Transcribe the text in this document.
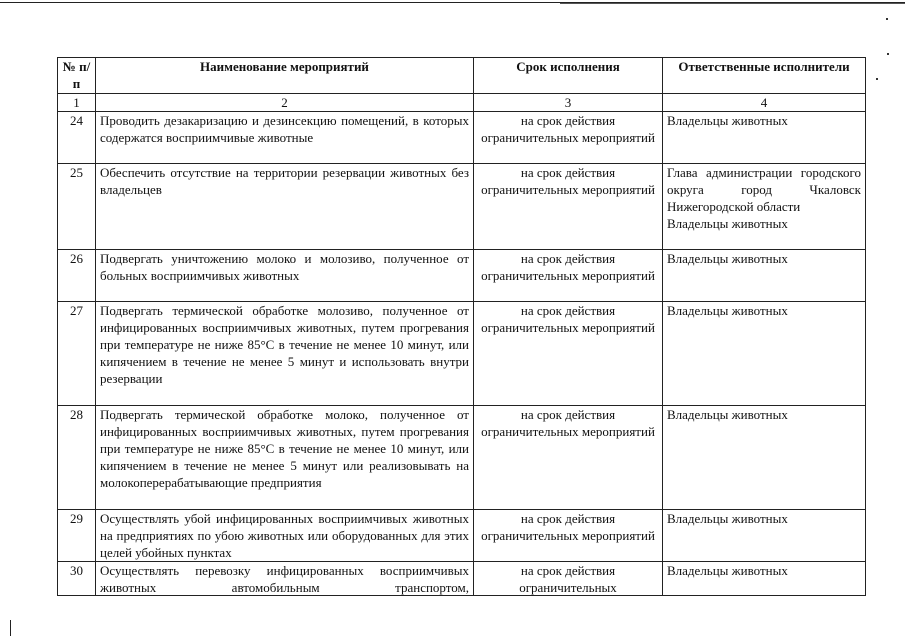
№ п/п	Наименование мероприятий	Срок исполнения	Ответственные исполнители
1	2	3	4
24	Проводить дезакаризацию и дезинсекцию помещений, в которых содержатся восприимчивые животные	на срок действия ограничительных мероприятий	Владельцы животных
25	Обеспечить отсутствие на территории резервации животных без владельцев	на срок действия ограничительных мероприятий	Глава администрации городского округа город Чкаловск Нижегородской области
Владельцы животных
26	Подвергать уничтожению молоко и молозиво, полученное от больных восприимчивых животных	на срок действия ограничительных мероприятий	Владельцы животных
27	Подвергать термической обработке молозиво, полученное от инфицированных восприимчивых животных, путем прогревания при температуре не ниже 85°С в течение не менее 10 минут, или кипячением в течение не менее 5 минут и использовать внутри резервации	на срок действия ограничительных мероприятий	Владельцы животных
28	Подвергать термической обработке молоко, полученное от инфицированных восприимчивых животных, путем прогревания при температуре не ниже 85°С в течение не менее 10 минут, или кипячением в течение не менее 5 минут или реализовывать на молокоперерабатывающие предприятия	на срок действия ограничительных мероприятий	Владельцы животных
29	Осуществлять убой инфицированных восприимчивых животных на предприятиях по убою животных или оборудованных для этих целей убойных пунктах	на срок действия ограничительных мероприятий	Владельцы животных
30	Осуществлять перевозку инфицированных восприимчивых животных автомобильным транспортом,	на срок действия ограничительных	Владельцы животных
